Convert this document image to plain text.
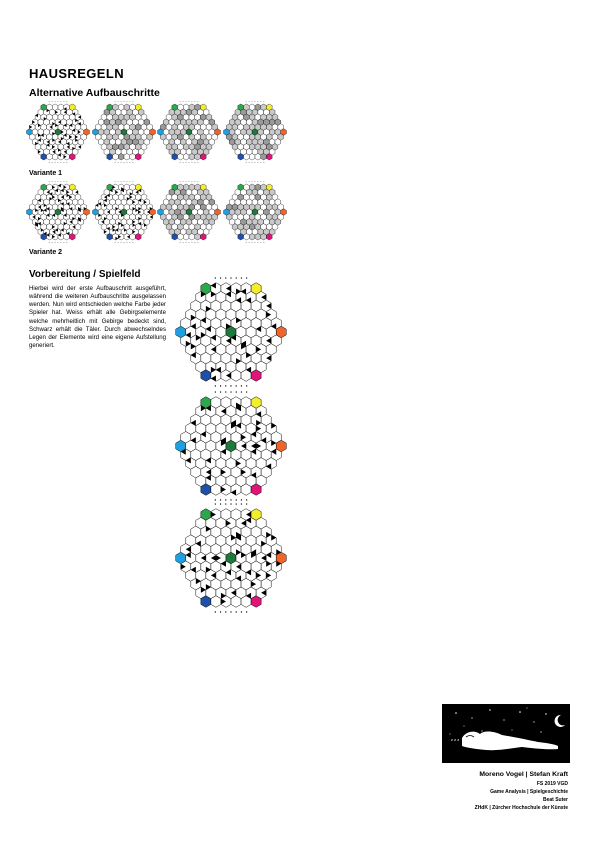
HAUSREGELN
Alternative Aufbauschritte
Variante 1
Variante 2
Vorbereitung / Spielfeld
Hierbei wird der erste Aufbauschritt ausgeführt, während die weiteren Aufbauschritte ausgelassen werden. Nun wird entschieden welche Farbe jeder Spieler hat. Weiss erhält alle Gebirgselemente welche mehrheitlich mit Gebirge bedeckt sind, Schwarz erhält die Täler. Durch abwechselndes Legen der Elemente wird eine eigene Aufstellung generiert.
z z z
Moreno Vogel | Stefan Kraft
FS 2019 VGD
Game Analysis | Spielgeschichte
Beat Suter
ZHdK | Zürcher Hochschule der Künste
